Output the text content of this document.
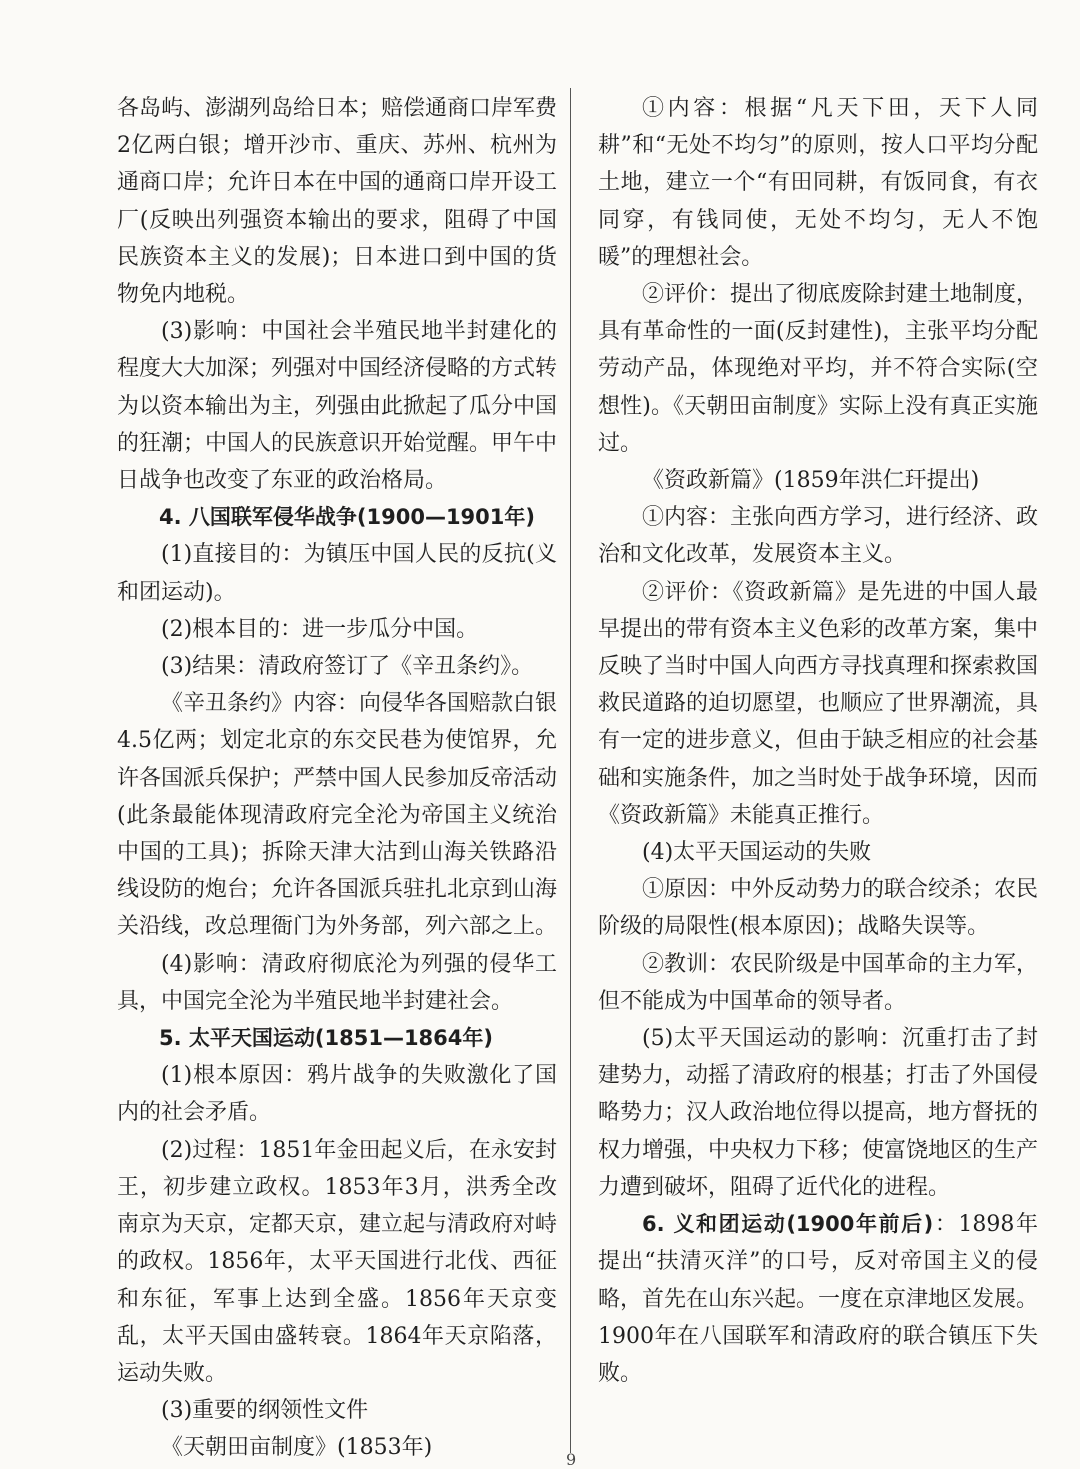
各岛屿、澎湖列岛给日本；赔偿通商口岸军费2亿两白银；增开沙市、重庆、苏州、杭州为通商口岸；允许日本在中国的通商口岸开设工厂(反映出列强资本输出的要求，阻碍了中国民族资本主义的发展)；日本进口到中国的货物免内地税。

(3)影响：中国社会半殖民地半封建化的程度大大加深；列强对中国经济侵略的方式转为以资本输出为主，列强由此掀起了瓜分中国的狂潮；中国人的民族意识开始觉醒。甲午中日战争也改变了东亚的政治格局。

4. 八国联军侵华战争(1900—1901年)

(1)直接目的：为镇压中国人民的反抗(义和团运动)。

(2)根本目的：进一步瓜分中国。

(3)结果：清政府签订了《辛丑条约》。

《辛丑条约》内容：向侵华各国赔款白银4.5亿两；划定北京的东交民巷为使馆界，允许各国派兵保护；严禁中国人民参加反帝活动(此条最能体现清政府完全沦为帝国主义统治中国的工具)；拆除天津大沽到山海关铁路沿线设防的炮台；允许各国派兵驻扎北京到山海关沿线，改总理衙门为外务部，列六部之上。

(4)影响：清政府彻底沦为列强的侵华工具，中国完全沦为半殖民地半封建社会。

5. 太平天国运动(1851—1864年)

(1)根本原因：鸦片战争的失败激化了国内的社会矛盾。

(2)过程：1851年金田起义后，在永安封王，初步建立政权。1853年3月，洪秀全改南京为天京，定都天京，建立起与清政府对峙的政权。1856年，太平天国进行北伐、西征和东征，军事上达到全盛。1856年天京变乱，太平天国由盛转衰。1864年天京陷落，运动失败。

(3)重要的纲领性文件

《天朝田亩制度》(1853年)

①内容：根据“凡天下田，天下人同耕”和“无处不均匀”的原则，按人口平均分配土地，建立一个“有田同耕，有饭同食，有衣同穿，有钱同使，无处不均匀，无人不饱暖”的理想社会。

②评价：提出了彻底废除封建土地制度，具有革命性的一面(反封建性)，主张平均分配劳动产品，体现绝对平均，并不符合实际(空想性)。《天朝田亩制度》实际上没有真正实施过。

《资政新篇》(1859年洪仁玕提出)

①内容：主张向西方学习，进行经济、政治和文化改革，发展资本主义。

②评价：《资政新篇》是先进的中国人最早提出的带有资本主义色彩的改革方案，集中反映了当时中国人向西方寻找真理和探索救国救民道路的迫切愿望，也顺应了世界潮流，具有一定的进步意义，但由于缺乏相应的社会基础和实施条件，加之当时处于战争环境，因而《资政新篇》未能真正推行。

(4)太平天国运动的失败

①原因：中外反动势力的联合绞杀；农民阶级的局限性(根本原因)；战略失误等。

②教训：农民阶级是中国革命的主力军，但不能成为中国革命的领导者。

(5)太平天国运动的影响：沉重打击了封建势力，动摇了清政府的根基；打击了外国侵略势力；汉人政治地位得以提高，地方督抚的权力增强，中央权力下移；使富饶地区的生产力遭到破坏，阻碍了近代化的进程。

6. 义和团运动(1900年前后)：1898年提出“扶清灭洋”的口号，反对帝国主义的侵略，首先在山东兴起。一度在京津地区发展。1900年在八国联军和清政府的联合镇压下失败。

9
